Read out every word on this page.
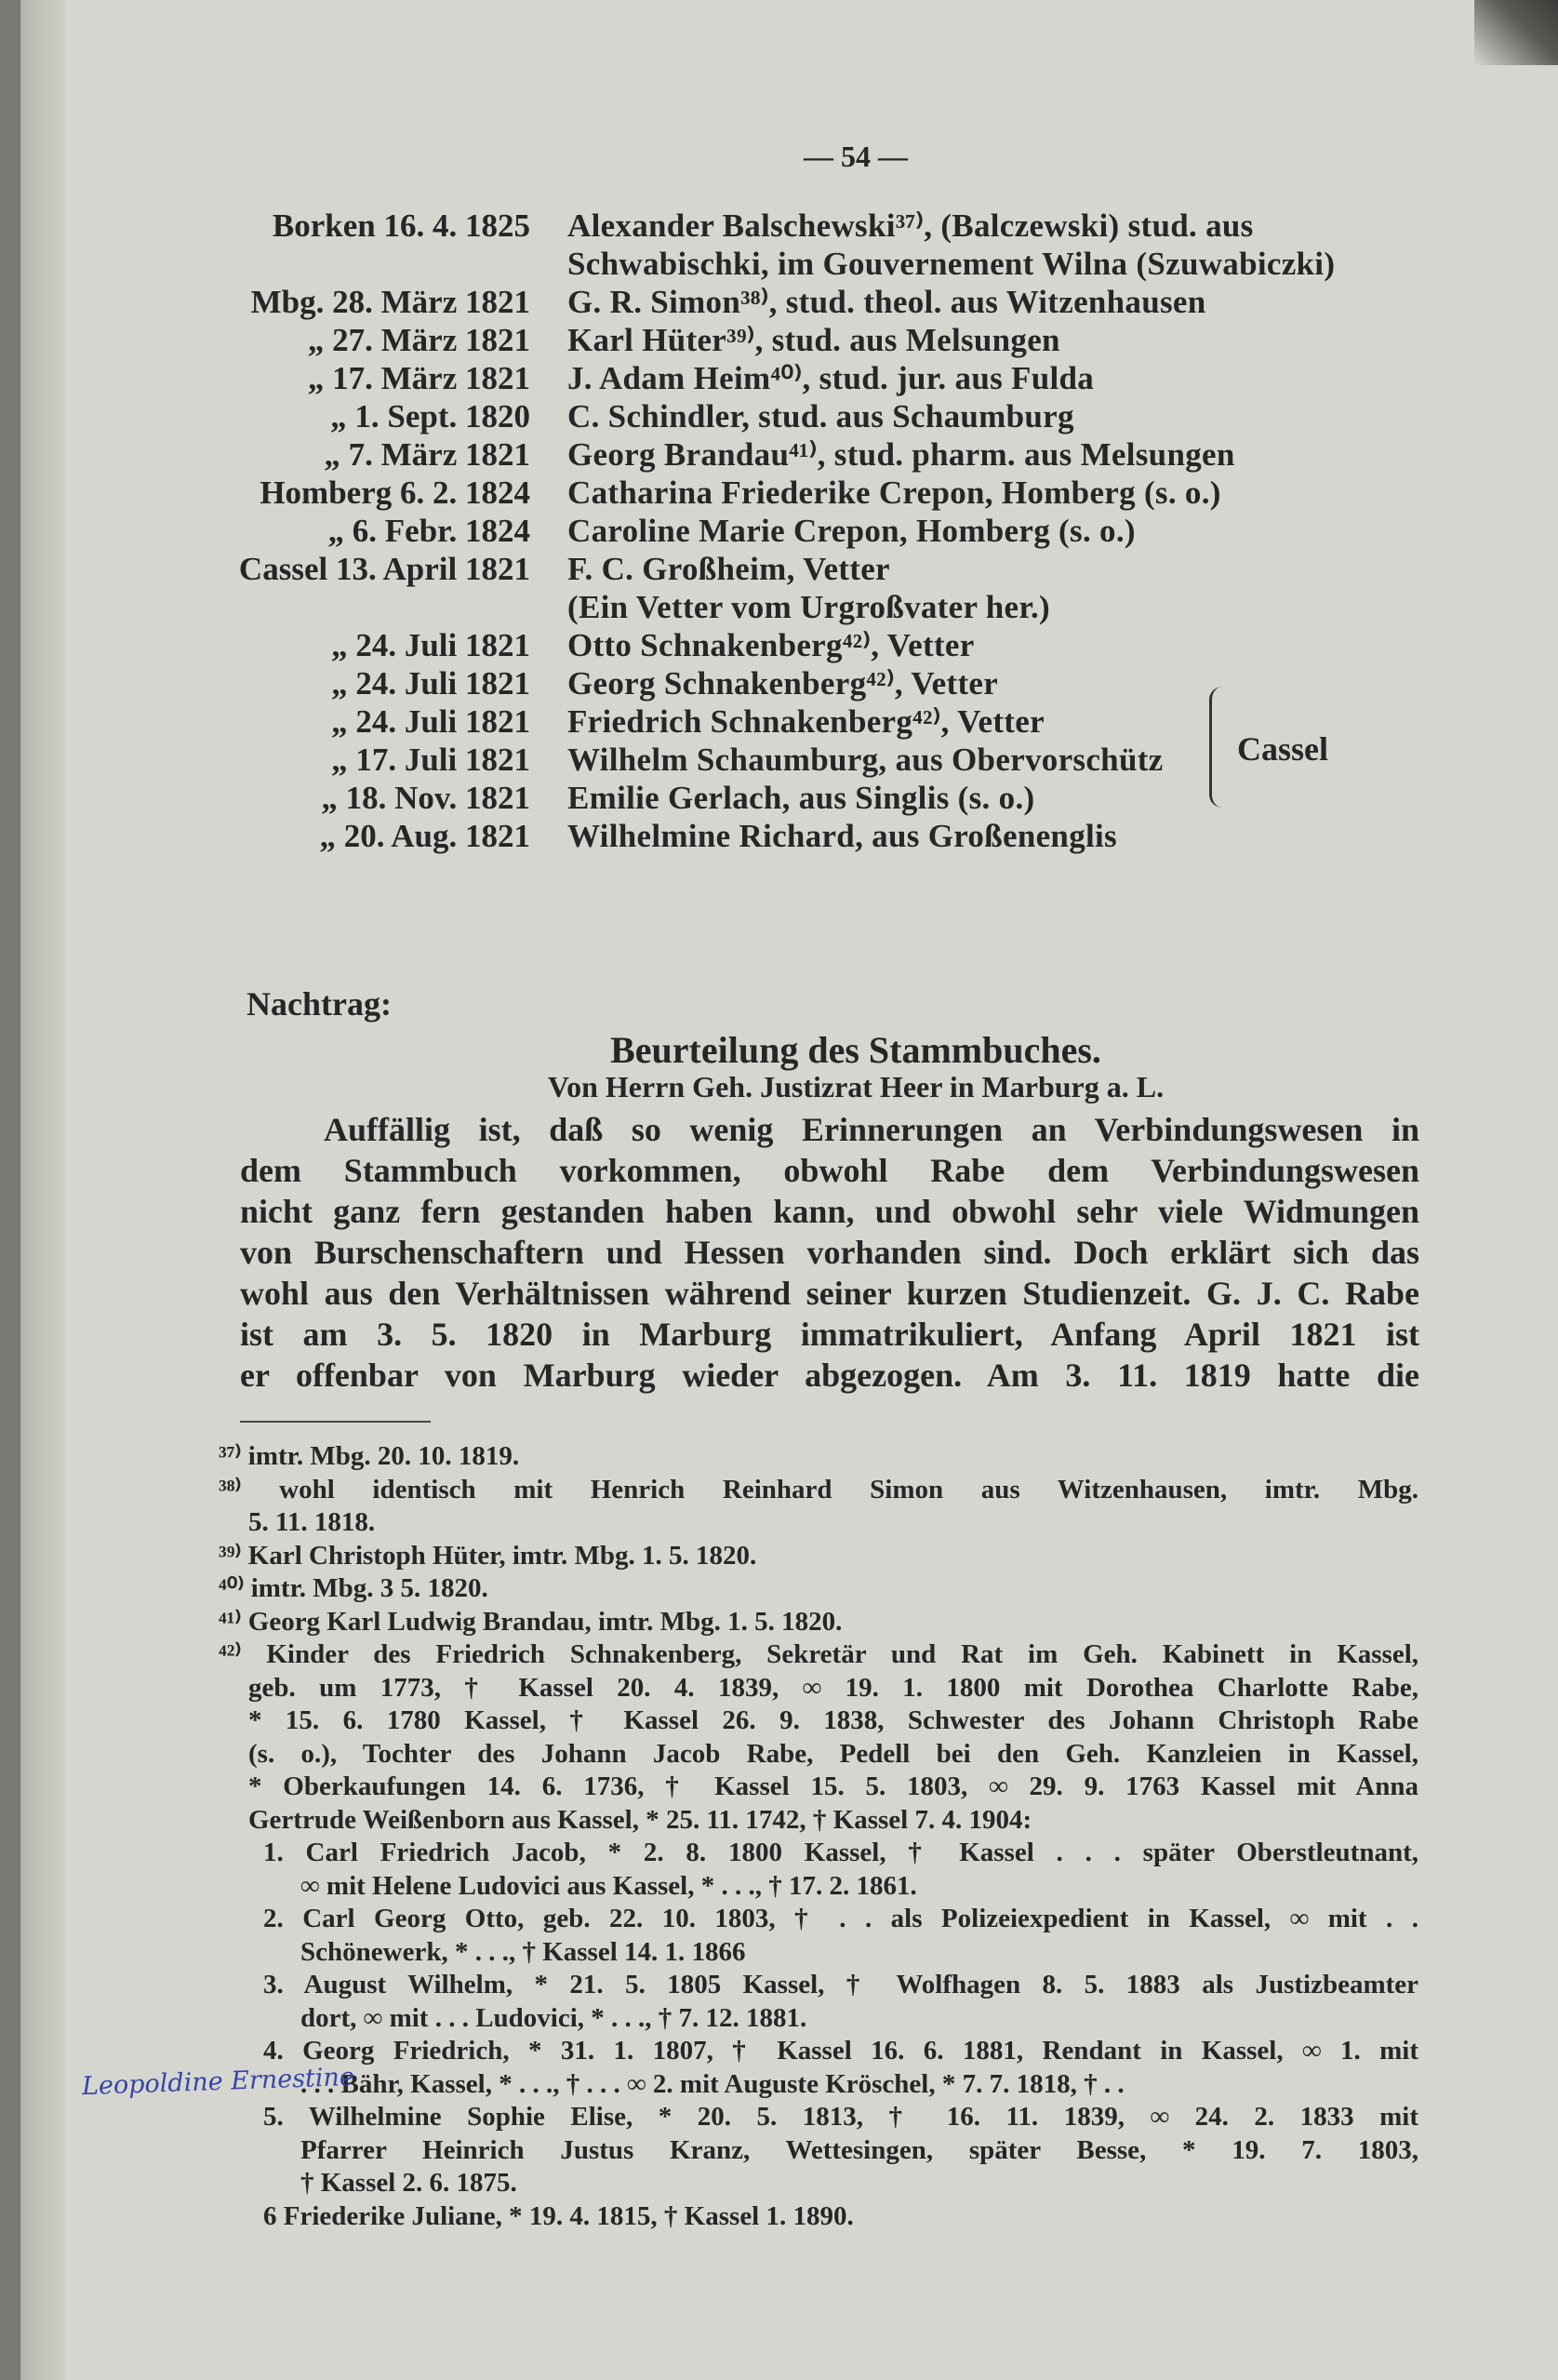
— 54 —
Borken 16. 4. 1825	Alexander Balschewski³⁷⁾, (Balczewski) stud. aus
Schwabischki, im Gouvernement Wilna (Szuwabiczki)
Mbg. 28. März 1821	G. R. Simon³⁸⁾, stud. theol. aus Witzenhausen
„ 27. März 1821	Karl Hüter³⁹⁾, stud. aus Melsungen
„ 17. März 1821	J. Adam Heim⁴⁰⁾, stud. jur. aus Fulda
„ 1. Sept. 1820	C. Schindler, stud. aus Schaumburg
„ 7. März 1821	Georg Brandau⁴¹⁾, stud. pharm. aus Melsungen
Homberg 6. 2. 1824	Catharina Friederike Crepon, Homberg (s. o.)
„ 6. Febr. 1824	Caroline Marie Crepon, Homberg (s. o.)
Cassel 13. April 1821	F. C. Großheim, Vetter
(Ein Vetter vom Urgroßvater her.)
„ 24. Juli 1821	Otto Schnakenberg⁴²⁾, Vetter
„ 24. Juli 1821	Georg Schnakenberg⁴²⁾, Vetter
„ 24. Juli 1821	Friedrich Schnakenberg⁴²⁾, Vetter
„ 17. Juli 1821	Wilhelm Schaumburg, aus Obervorschütz
„ 18. Nov. 1821	Emilie Gerlach, aus Singlis (s. o.)
„ 20. Aug. 1821	Wilhelmine Richard, aus Großenenglis
Cassel
Nachtrag:
Beurteilung des Stammbuches.
Von Herrn Geh. Justizrat Heer in Marburg a. L.
Auffällig ist, daß so wenig Erinnerungen an Verbindungswesen in
dem Stammbuch vorkommen, obwohl Rabe dem Verbindungswesen
nicht ganz fern gestanden haben kann, und obwohl sehr viele Widmungen
von Burschenschaftern und Hessen vorhanden sind. Doch erklärt sich das
wohl aus den Verhältnissen während seiner kurzen Studienzeit. G. J. C. Rabe
ist am 3. 5. 1820 in Marburg immatrikuliert, Anfang April 1821 ist
er offenbar von Marburg wieder abgezogen. Am 3. 11. 1819 hatte die
³⁷⁾ imtr. Mbg. 20. 10. 1819.
³⁸⁾ wohl identisch mit Henrich Reinhard Simon aus Witzenhausen, imtr. Mbg.
5. 11. 1818.
³⁹⁾ Karl Christoph Hüter, imtr. Mbg. 1. 5. 1820.
⁴⁰⁾ imtr. Mbg. 3 5. 1820.
⁴¹⁾ Georg Karl Ludwig Brandau, imtr. Mbg. 1. 5. 1820.
⁴²⁾ Kinder des Friedrich Schnakenberg, Sekretär und Rat im Geh. Kabinett in Kassel,
geb. um 1773, † Kassel 20. 4. 1839, ∞ 19. 1. 1800 mit Dorothea Charlotte Rabe,
* 15. 6. 1780 Kassel, † Kassel 26. 9. 1838, Schwester des Johann Christoph Rabe
(s. o.), Tochter des Johann Jacob Rabe, Pedell bei den Geh. Kanzleien in Kassel,
* Oberkaufungen 14. 6. 1736, † Kassel 15. 5. 1803, ∞ 29. 9. 1763 Kassel mit Anna
Gertrude Weißenborn aus Kassel, * 25. 11. 1742, † Kassel 7. 4. 1904:
1. Carl Friedrich Jacob, * 2. 8. 1800 Kassel, † Kassel . . . später Oberstleutnant,
∞ mit Helene Ludovici aus Kassel, * . . ., † 17. 2. 1861.
2. Carl Georg Otto, geb. 22. 10. 1803, † . . als Polizeiexpedient in Kassel, ∞ mit . .
Schönewerk, * . . ., † Kassel 14. 1. 1866
3. August Wilhelm, * 21. 5. 1805 Kassel, † Wolfhagen 8. 5. 1883 als Justizbeamter
dort, ∞ mit . . . Ludovici, * . . ., † 7. 12. 1881.
4. Georg Friedrich, * 31. 1. 1807, † Kassel 16. 6. 1881, Rendant in Kassel, ∞ 1. mit
. . . Bähr, Kassel, * . . ., † . . . ∞ 2. mit Auguste Kröschel, * 7. 7. 1818, † . .
5. Wilhelmine Sophie Elise, * 20. 5. 1813, † 16. 11. 1839, ∞ 24. 2. 1833 mit
Pfarrer Heinrich Justus Kranz, Wettesingen, später Besse, * 19. 7. 1803,
† Kassel 2. 6. 1875.
6 Friederike Juliane, * 19. 4. 1815, † Kassel 1. 1890.
Leopoldine Ernestine
